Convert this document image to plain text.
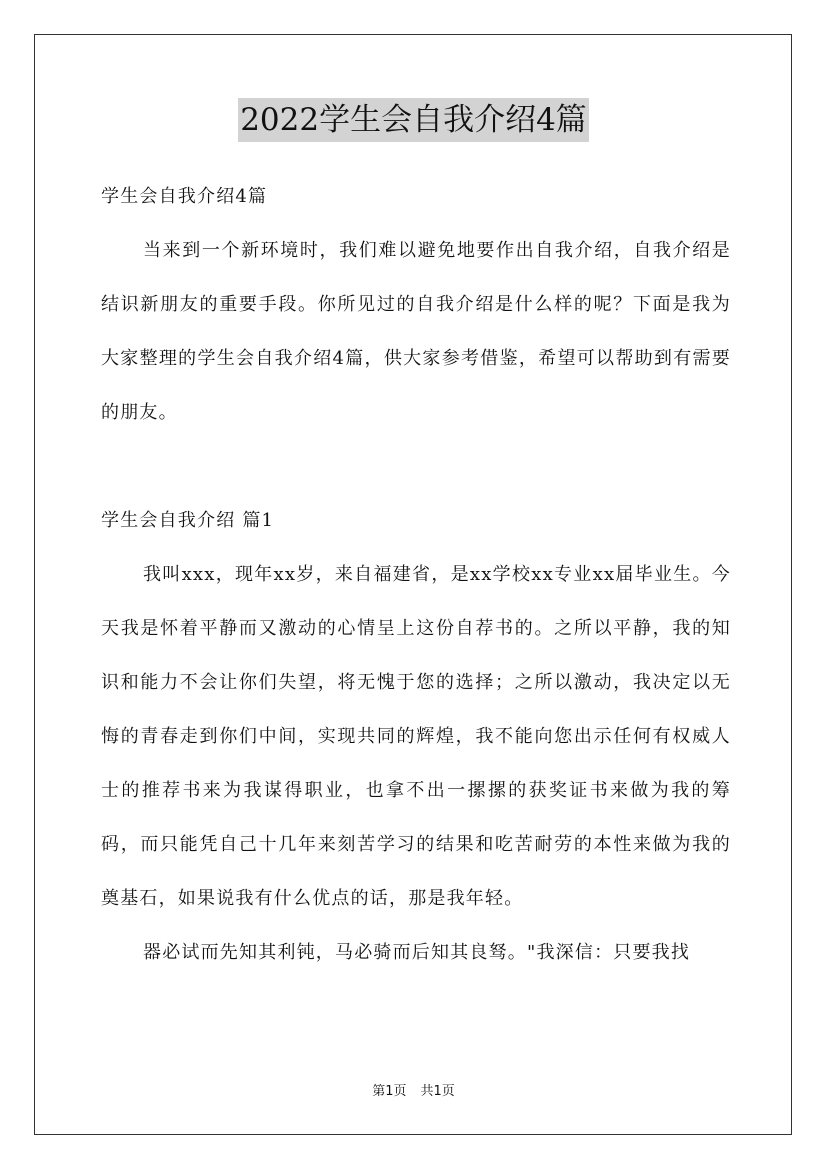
2022学生会自我介绍4篇

学生会自我介绍4篇

当来到一个新环境时，我们难以避免地要作出自我介绍，自我介绍是结识新朋友的重要手段。你所见过的自我介绍是什么样的呢？下面是我为大家整理的学生会自我介绍4篇，供大家参考借鉴，希望可以帮助到有需要的朋友。

学生会自我介绍 篇1

我叫xxx，现年xx岁，来自福建省，是xx学校xx专业xx届毕业生。今天我是怀着平静而又激动的心情呈上这份自荐书的。之所以平静，我的知识和能力不会让你们失望，将无愧于您的选择；之所以激动，我决定以无悔的青春走到你们中间，实现共同的辉煌，我不能向您出示任何有权威人士的推荐书来为我谋得职业，也拿不出一摞摞的获奖证书来做为我的筹码，而只能凭自己十几年来刻苦学习的结果和吃苦耐劳的本性来做为我的奠基石，如果说我有什么优点的话，那是我年轻。

器必试而先知其利钝，马必骑而后知其良驽。"我深信：只要我找

第1页 共1页
